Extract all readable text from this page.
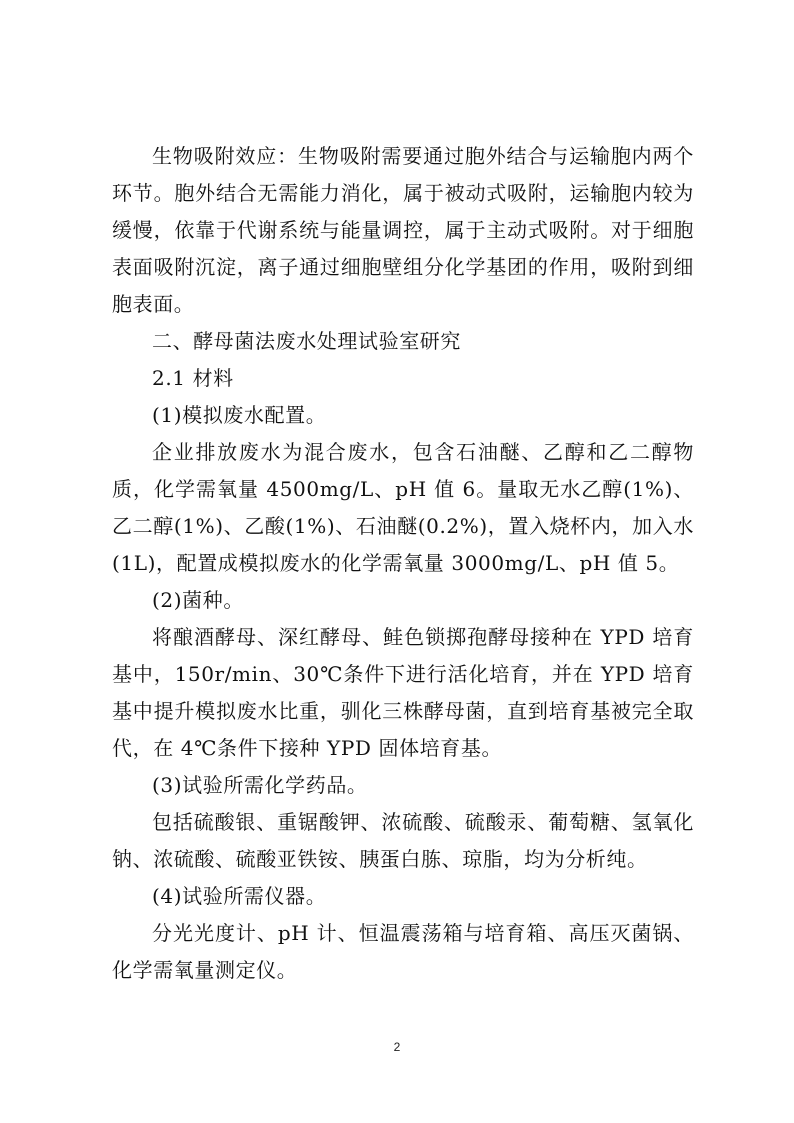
生物吸附效应：生物吸附需要通过胞外结合与运输胞内两个环节。胞外结合无需能力消化，属于被动式吸附，运输胞内较为缓慢，依靠于代谢系统与能量调控，属于主动式吸附。对于细胞表面吸附沉淀，离子通过细胞壁组分化学基团的作用，吸附到细胞表面。

二、酵母菌法废水处理试验室研究

2.1 材料

(1)模拟废水配置。

企业排放废水为混合废水，包含石油醚、乙醇和乙二醇物质，化学需氧量 4500mg/L、pH 值 6。量取无水乙醇(1%)、乙二醇(1%)、乙酸(1%)、石油醚(0.2%)，置入烧杯内，加入水(1L)，配置成模拟废水的化学需氧量 3000mg/L、pH 值 5。

(2)菌种。

将酿酒酵母、深红酵母、鲑色锁掷孢酵母接种在 YPD 培育基中，150r/min、30℃条件下进行活化培育，并在 YPD 培育基中提升模拟废水比重，驯化三株酵母菌，直到培育基被完全取代，在 4℃条件下接种 YPD 固体培育基。

(3)试验所需化学药品。

包括硫酸银、重锯酸钾、浓硫酸、硫酸汞、葡萄糖、氢氧化钠、浓硫酸、硫酸亚铁铵、胰蛋白胨、琼脂，均为分析纯。

(4)试验所需仪器。

分光光度计、pH 计、恒温震荡箱与培育箱、高压灭菌锅、化学需氧量测定仪。

2
